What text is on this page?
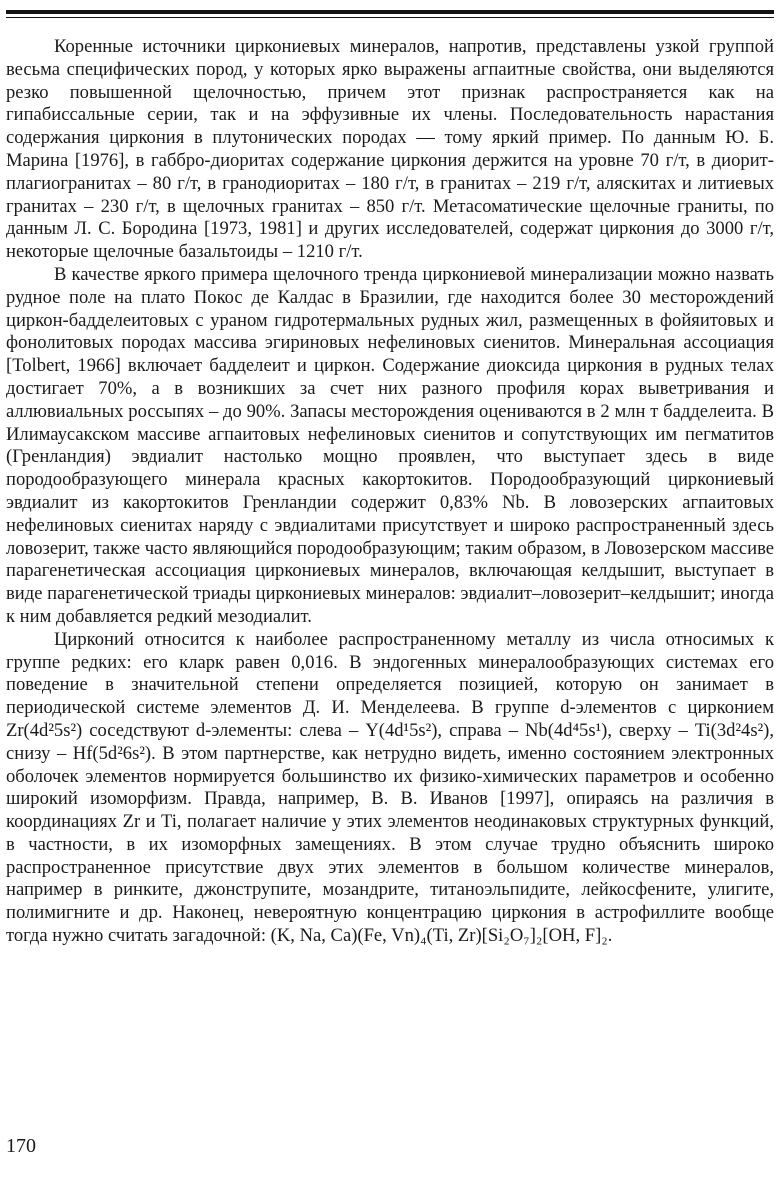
Коренные источники циркониевых минералов, напротив, представлены узкой группой весьма специфических пород, у которых ярко выражены агпаитные свойства, они выделяются резко повышенной щелочностью, причем этот признак распространяется как на гипабиссальные серии, так и на эффузивные их члены. Последовательность нарастания содержания циркония в плутонических породах — тому яркий пример. По данным Ю. Б. Марина [1976], в габбро-диоритах содержание циркония держится на уровне 70 г/т, в диорит-плагиогранитах – 80 г/т, в гранодиоритах – 180 г/т, в гранитах – 219 г/т, аляскитах и литиевых гранитах – 230 г/т, в щелочных гранитах – 850 г/т. Метасоматические щелочные граниты, по данным Л. С. Бородина [1973, 1981] и других исследователей, содержат циркония до 3000 г/т, некоторые щелочные базальтоиды – 1210 г/т.

В качестве яркого примера щелочного тренда циркониевой минерализации можно назвать рудное поле на плато Покос де Калдас в Бразилии, где находится более 30 месторождений циркон-бадделеитовых с ураном гидротермальных рудных жил, размещенных в фойяитовых и фонолитовых породах массива эгириновых нефелиновых сиенитов. Минеральная ассоциация [Tolbert, 1966] включает бадделеит и циркон. Содержание диоксида циркония в рудных телах достигает 70%, а в возникших за счет них разного профиля корах выветривания и аллювиальных россыпях – до 90%. Запасы месторождения оцениваются в 2 млн т бадделеита. В Илимаусакском массиве агпаитовых нефелиновых сиенитов и сопутствующих им пегматитов (Гренландия) эвдиалит настолько мощно проявлен, что выступает здесь в виде породообразующего минерала красных какортокитов. Породообразующий циркониевый эвдиалит из какортокитов Гренландии содержит 0,83% Nb. В ловозерских агпаитовых нефелиновых сиенитах наряду с эвдиалитами присутствует и широко распространенный здесь ловозерит, также часто являющийся породообразующим; таким образом, в Ловозерском массиве парагенетическая ассоциация циркониевых минералов, включающая келдышит, выступает в виде парагенетической триады циркониевых минералов: эвдиалит–ловозерит–келдышит; иногда к ним добавляется редкий мезодиалит.

Цирконий относится к наиболее распространенному металлу из числа относимых к группе редких: его кларк равен 0,016. В эндогенных минералообразующих системах его поведение в значительной степени определяется позицией, которую он занимает в периодической системе элементов Д. И. Менделеева. В группе d-элементов с цирконием Zr(4d²5s²) соседствуют d-элементы: слева – Y(4d¹5s²), справа – Nb(4d⁴5s¹), сверху – Ti(3d²4s²), снизу – Hf(5d²6s²). В этом партнерстве, как нетрудно видеть, именно состоянием электронных оболочек элементов нормируется большинство их физико-химических параметров и особенно широкий изоморфизм. Правда, например, В. В. Иванов [1997], опираясь на различия в координациях Zr и Ti, полагает наличие у этих элементов неодинаковых структурных функций, в частности, в их изоморфных замещениях. В этом случае трудно объяснить широко распространенное присутствие двух этих элементов в большом количестве минералов, например в ринките, джонструпите, мозандрите, титаноэльпидите, лейкосфените, улигите, полимигните и др. Наконец, невероятную концентрацию циркония в астрофиллите вообще тогда нужно считать загадочной: (K, Na, Ca)(Fe, Vn)₄(Ti, Zr)[Si₂O₇]₂[OH, F]₂.

170
